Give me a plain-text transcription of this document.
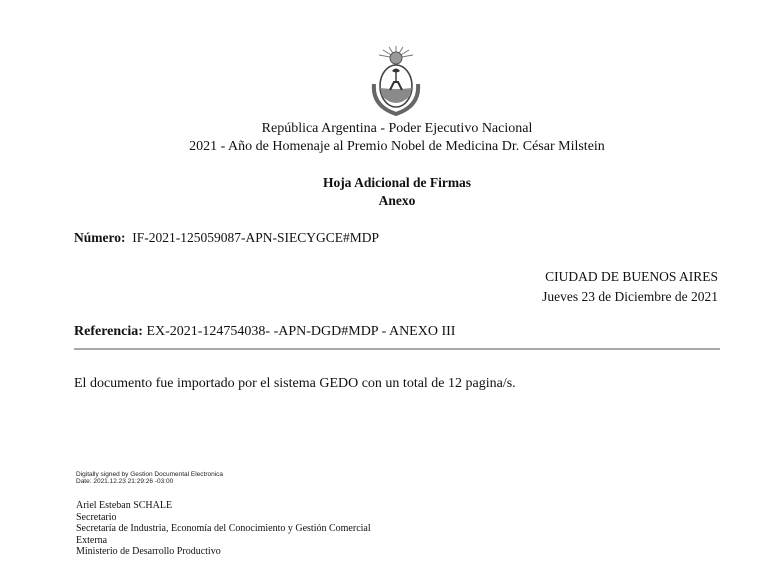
República Argentina - Poder Ejecutivo Nacional
2021 - Año de Homenaje al Premio Nobel de Medicina Dr. César Milstein
Hoja Adicional de Firmas
Anexo
Número: IF-2021-125059087-APN-SIECYGCE#MDP
CIUDAD DE BUENOS AIRES
Jueves 23 de Diciembre de 2021
Referencia: EX-2021-124754038- -APN-DGD#MDP - ANEXO III
El documento fue importado por el sistema GEDO con un total de 12 pagina/s.
Digitally signed by Gestion Documental Electronica
Date: 2021.12.23 21:29:26 -03:00
Ariel Esteban SCHALE
Secretario
Secretaría de Industria, Economía del Conocimiento y Gestión Comercial
Externa
Ministerio de Desarrollo Productivo
